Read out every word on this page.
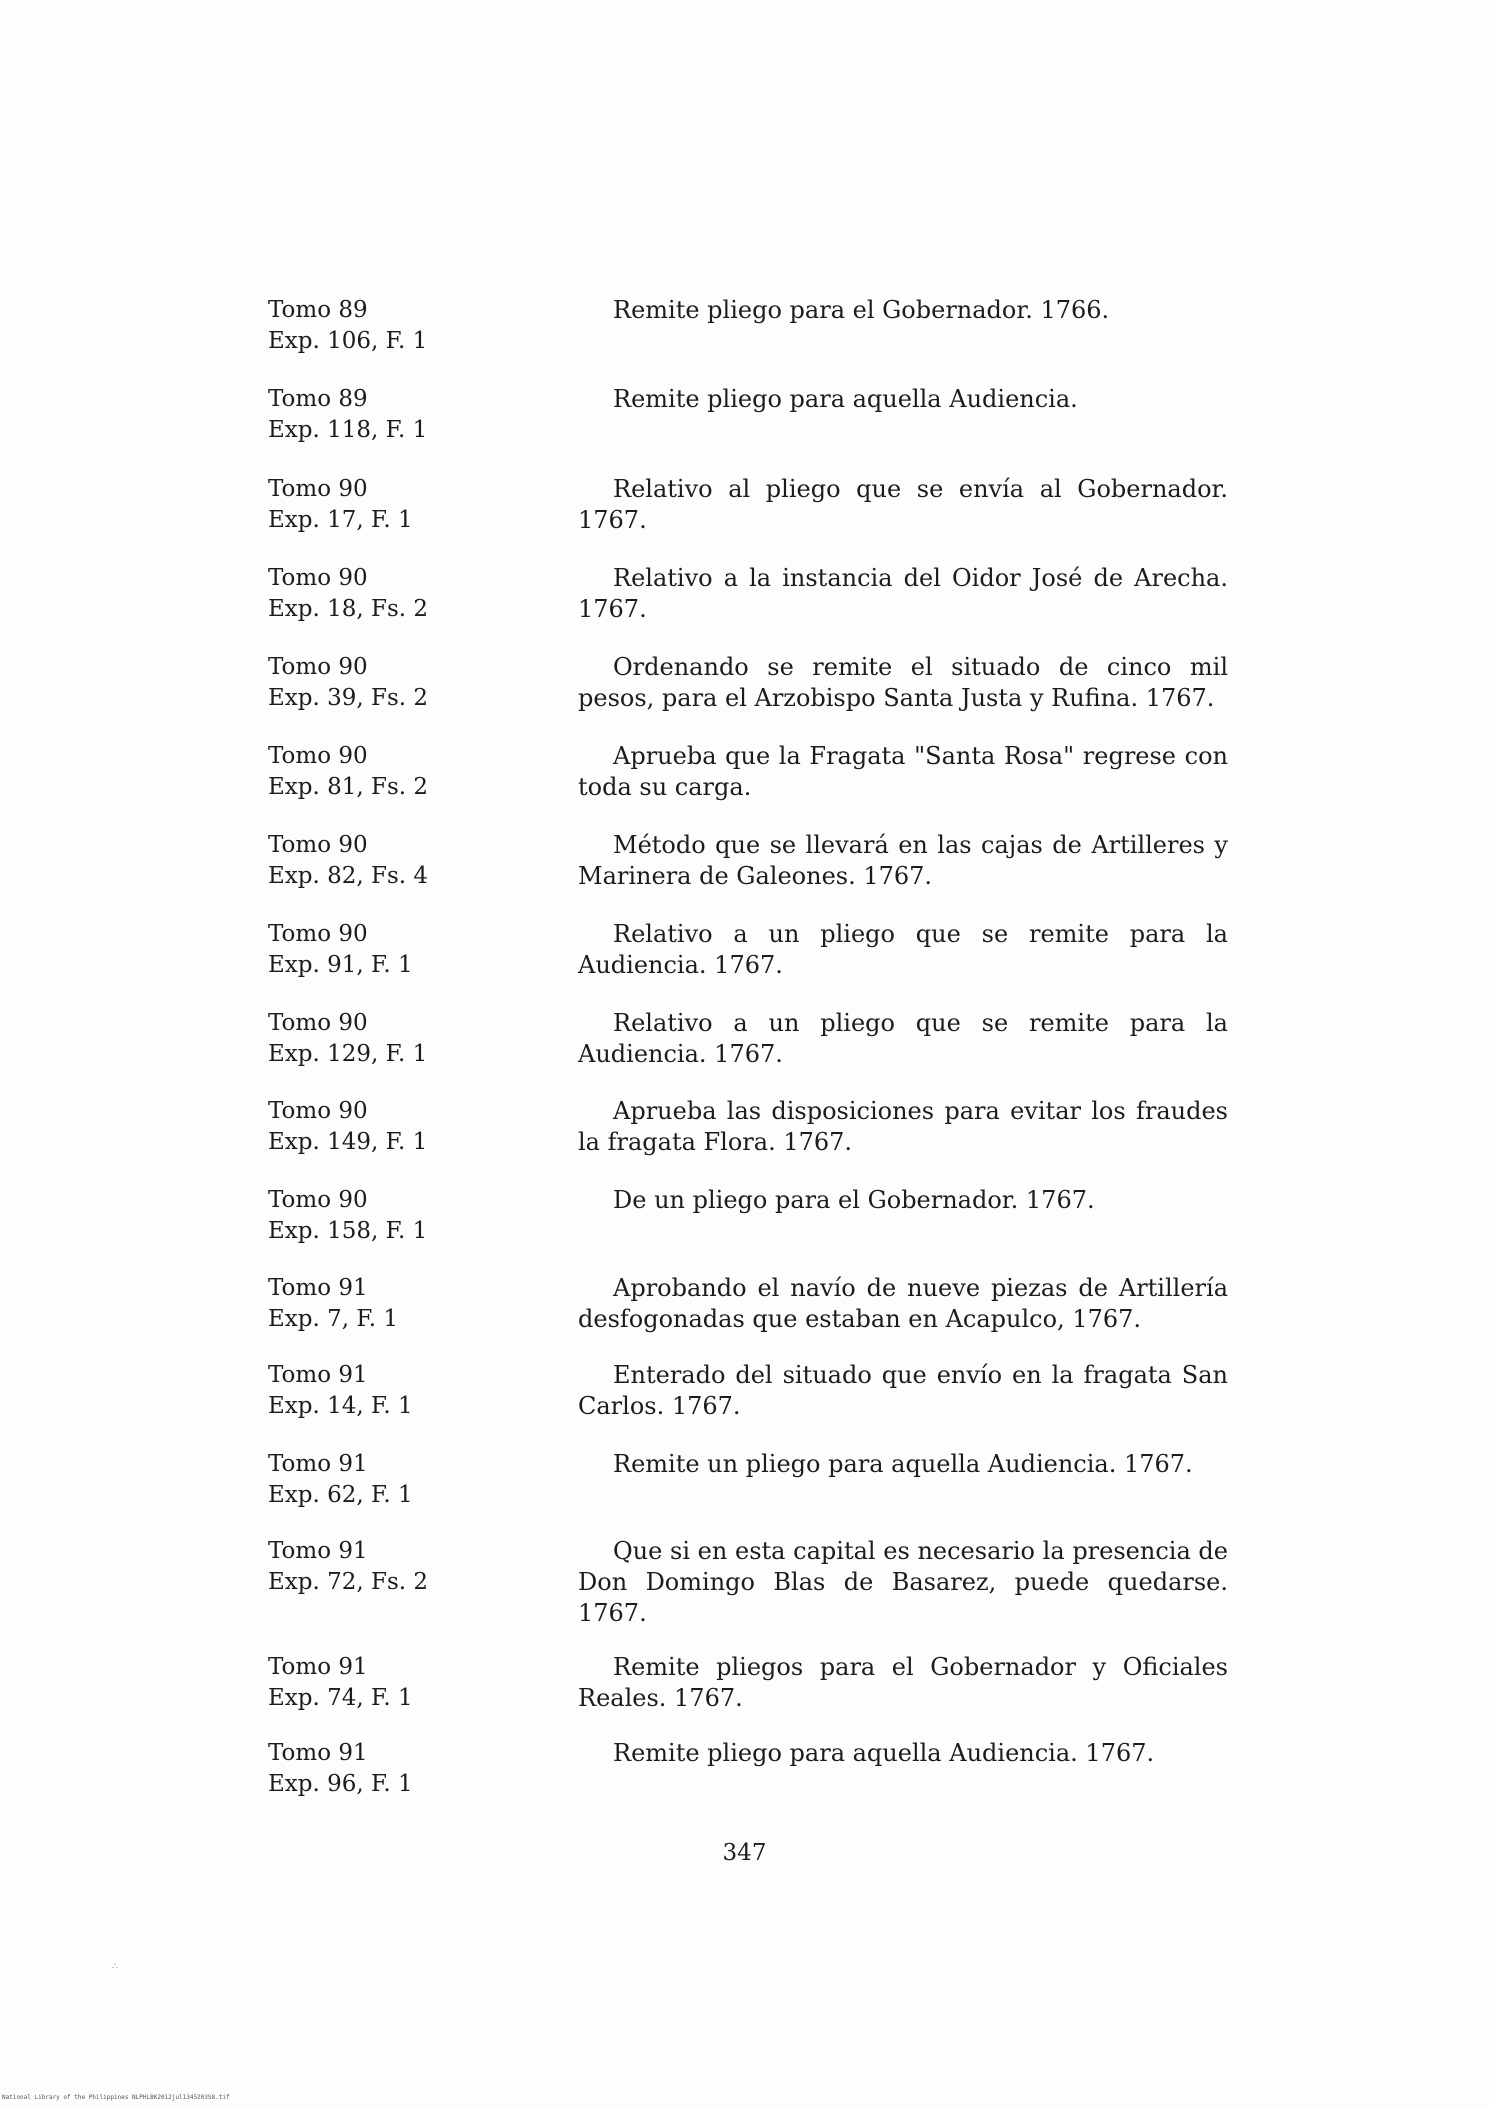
Tomo 89
Exp. 106, F. 1
Remite pliego para el Gobernador. 1766.
Tomo 89
Exp. 118, F. 1
Remite pliego para aquella Audiencia.
Tomo 90
Exp. 17, F. 1
Relativo al pliego que se envía al Gobernador. 1767.
Tomo 90
Exp. 18, Fs. 2
Relativo a la instancia del Oidor José de Arecha. 1767.
Tomo 90
Exp. 39, Fs. 2
Ordenando se remite el situado de cinco mil pesos, para el Arzobispo Santa Justa y Rufina. 1767.
Tomo 90
Exp. 81, Fs. 2
Aprueba que la Fragata "Santa Rosa" regrese con toda su carga.
Tomo 90
Exp. 82, Fs. 4
Método que se llevará en las cajas de Artilleres y Marinera de Galeones. 1767.
Tomo 90
Exp. 91, F. 1
Relativo a un pliego que se remite para la Audiencia. 1767.
Tomo 90
Exp. 129, F. 1
Relativo a un pliego que se remite para la Audiencia. 1767.
Tomo 90
Exp. 149, F. 1
Aprueba las disposiciones para evitar los fraudes la fragata Flora. 1767.
Tomo 90
Exp. 158, F. 1
De un pliego para el Gobernador. 1767.
Tomo 91
Exp. 7, F. 1
Aprobando el navío de nueve piezas de Artillería desfogonadas que estaban en Acapulco, 1767.
Tomo 91
Exp. 14, F. 1
Enterado del situado que envío en la fragata San Carlos. 1767.
Tomo 91
Exp. 62, F. 1
Remite un pliego para aquella Audiencia. 1767.
Tomo 91
Exp. 72, Fs. 2
Que si en esta capital es necesario la presencia de Don Domingo Blas de Basarez, puede quedarse. 1767.
Tomo 91
Exp. 74, F. 1
Remite pliegos para el Gobernador y Oficiales Reales. 1767.
Tomo 91
Exp. 96, F. 1
Remite pliego para aquella Audiencia. 1767.
347
∴
National Library of the Philippines NLPHLBK2012jul1345203S8.tif
